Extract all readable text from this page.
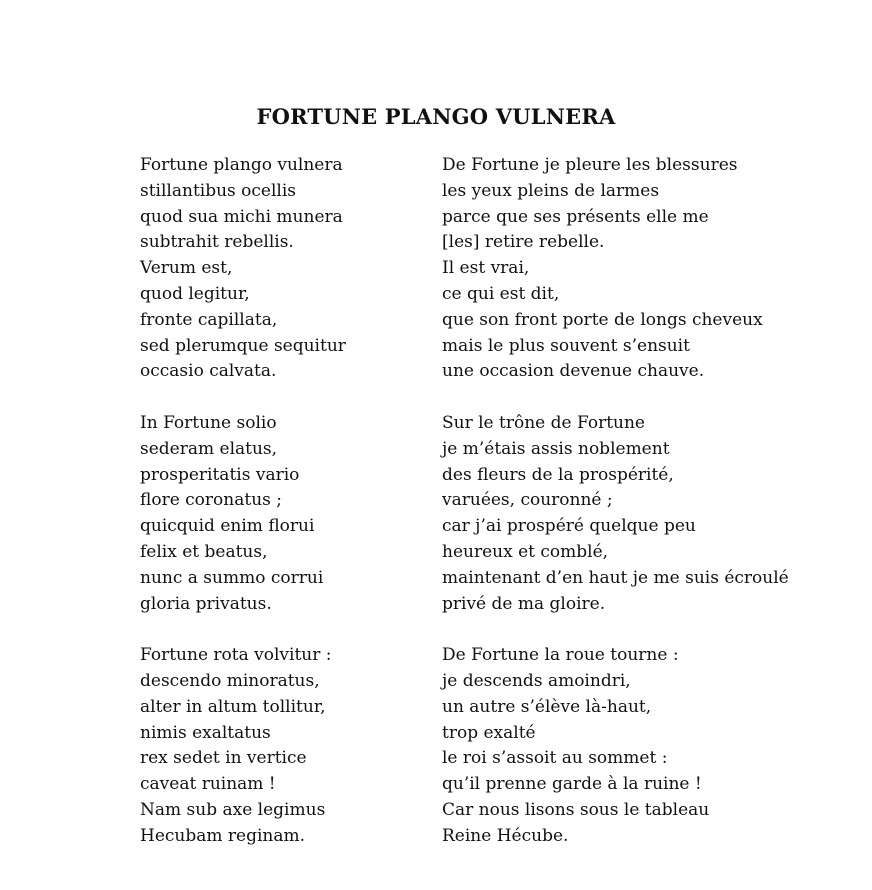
FORTUNE PLANGO VULNERA
Fortune plango vulnera
stillantibus ocellis
quod sua michi munera
subtrahit rebellis.
Verum est,
quod legitur,
fronte capillata,
sed plerumque sequitur
occasio calvata.
In Fortune solio
sederam elatus,
prosperitatis vario
flore coronatus ;
quicquid enim florui
felix et beatus,
nunc a summo corrui
gloria privatus.
Fortune rota volvitur :
descendo minoratus,
alter in altum tollitur,
nimis exaltatus
rex sedet in vertice
caveat ruinam !
Nam sub axe legimus
Hecubam reginam.
De Fortune je pleure les blessures
les yeux pleins de larmes
parce que ses présents elle me
[les] retire rebelle.
Il est vrai,
ce qui est dit,
que son front porte de longs cheveux
mais le plus souvent s’ensuit
une occasion devenue chauve.
Sur le trône de Fortune
je m’étais assis noblement
des fleurs de la prospérité,
varuées, couronné ;
car j’ai prospéré quelque peu
heureux et comblé,
maintenant d’en haut je me suis écroulé
privé de ma gloire.
De Fortune la roue tourne :
je descends amoindri,
un autre s’élève là-haut,
trop exalté
le roi s’assoit au sommet :
qu’il prenne garde à la ruine !
Car nous lisons sous le tableau
Reine Hécube.
